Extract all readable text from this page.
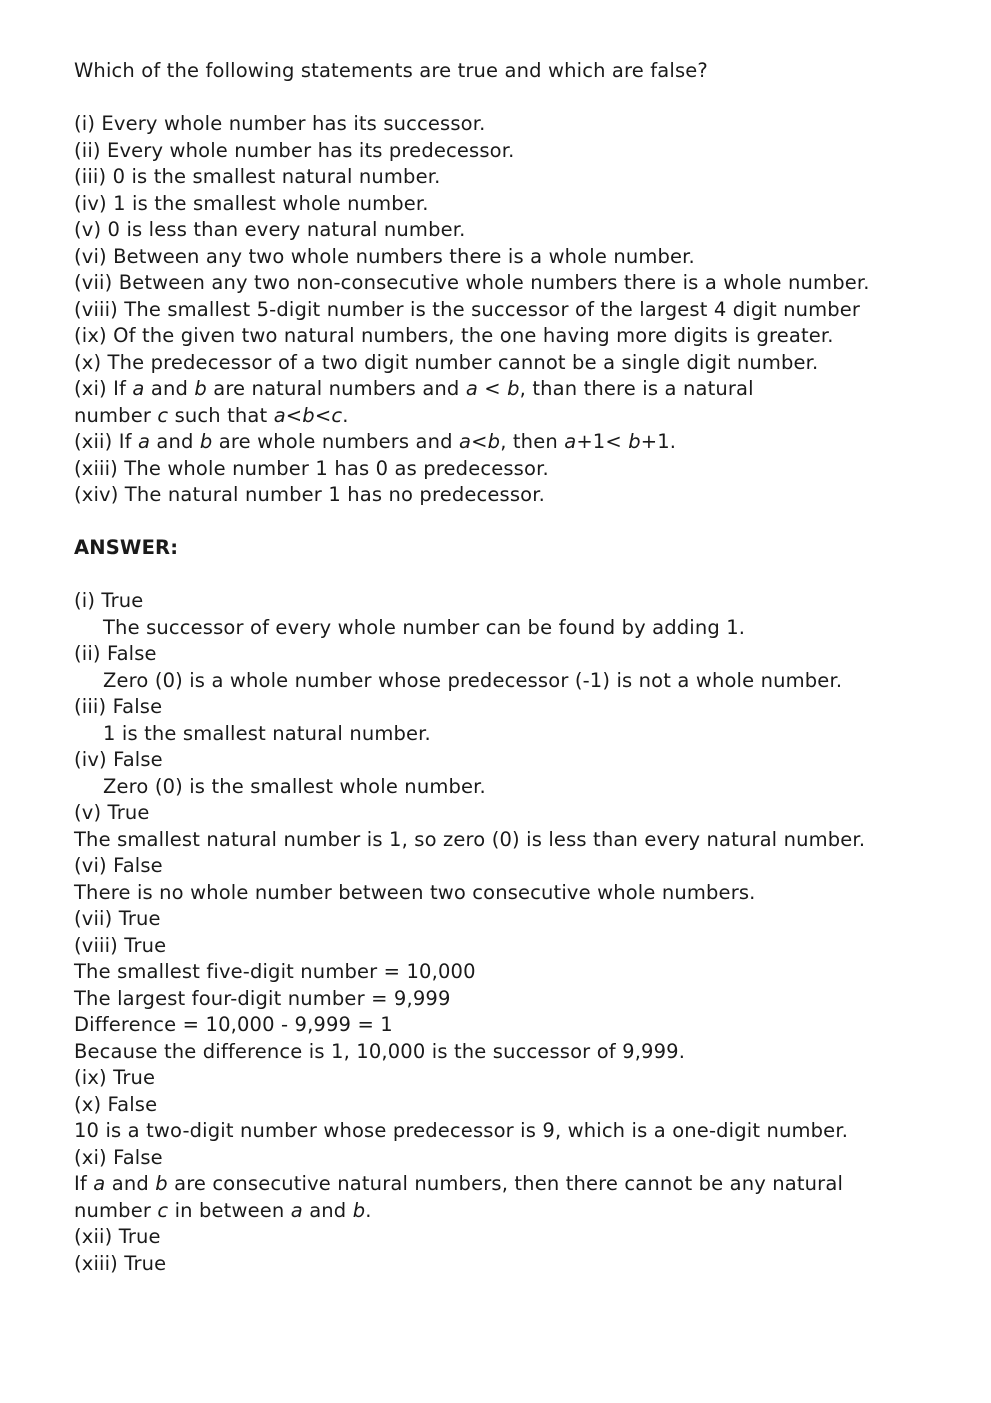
Which of the following statements are true and which are false?
(i) Every whole number has its successor.
(ii) Every whole number has its predecessor.
(iii) 0 is the smallest natural number.
(iv) 1 is the smallest whole number.
(v) 0 is less than every natural number.
(vi) Between any two whole numbers there is a whole number.
(vii) Between any two non-consecutive whole numbers there is a whole number.
(viii) The smallest 5-digit number is the successor of the largest 4 digit number
(ix) Of the given two natural numbers, the one having more digits is greater.
(x) The predecessor of a two digit number cannot be a single digit number.
(xi) If a and b are natural numbers and a < b, than there is a natural
number c such that a<b<c.
(xii) If a and b are whole numbers and a<b, then a+1< b+1.
(xiii) The whole number 1 has 0 as predecessor.
(xiv) The natural number 1 has no predecessor.
ANSWER:
(i) True
The successor of every whole number can be found by adding 1.
(ii) False
Zero (0) is a whole number whose predecessor (-1) is not a whole number.
(iii) False
1 is the smallest natural number.
(iv) False
Zero (0) is the smallest whole number.
(v) True
The smallest natural number is 1, so zero (0) is less than every natural number.
(vi) False
There is no whole number between two consecutive whole numbers.
(vii) True
(viii) True
The smallest five-digit number = 10,000
The largest four-digit number = 9,999
Difference = 10,000 - 9,999 = 1
Because the difference is 1, 10,000 is the successor of 9,999.
(ix) True
(x) False
10 is a two-digit number whose predecessor is 9, which is a one-digit number.
(xi) False
If a and b are consecutive natural numbers, then there cannot be any natural
number c in between a and b.
(xii) True
(xiii) True
